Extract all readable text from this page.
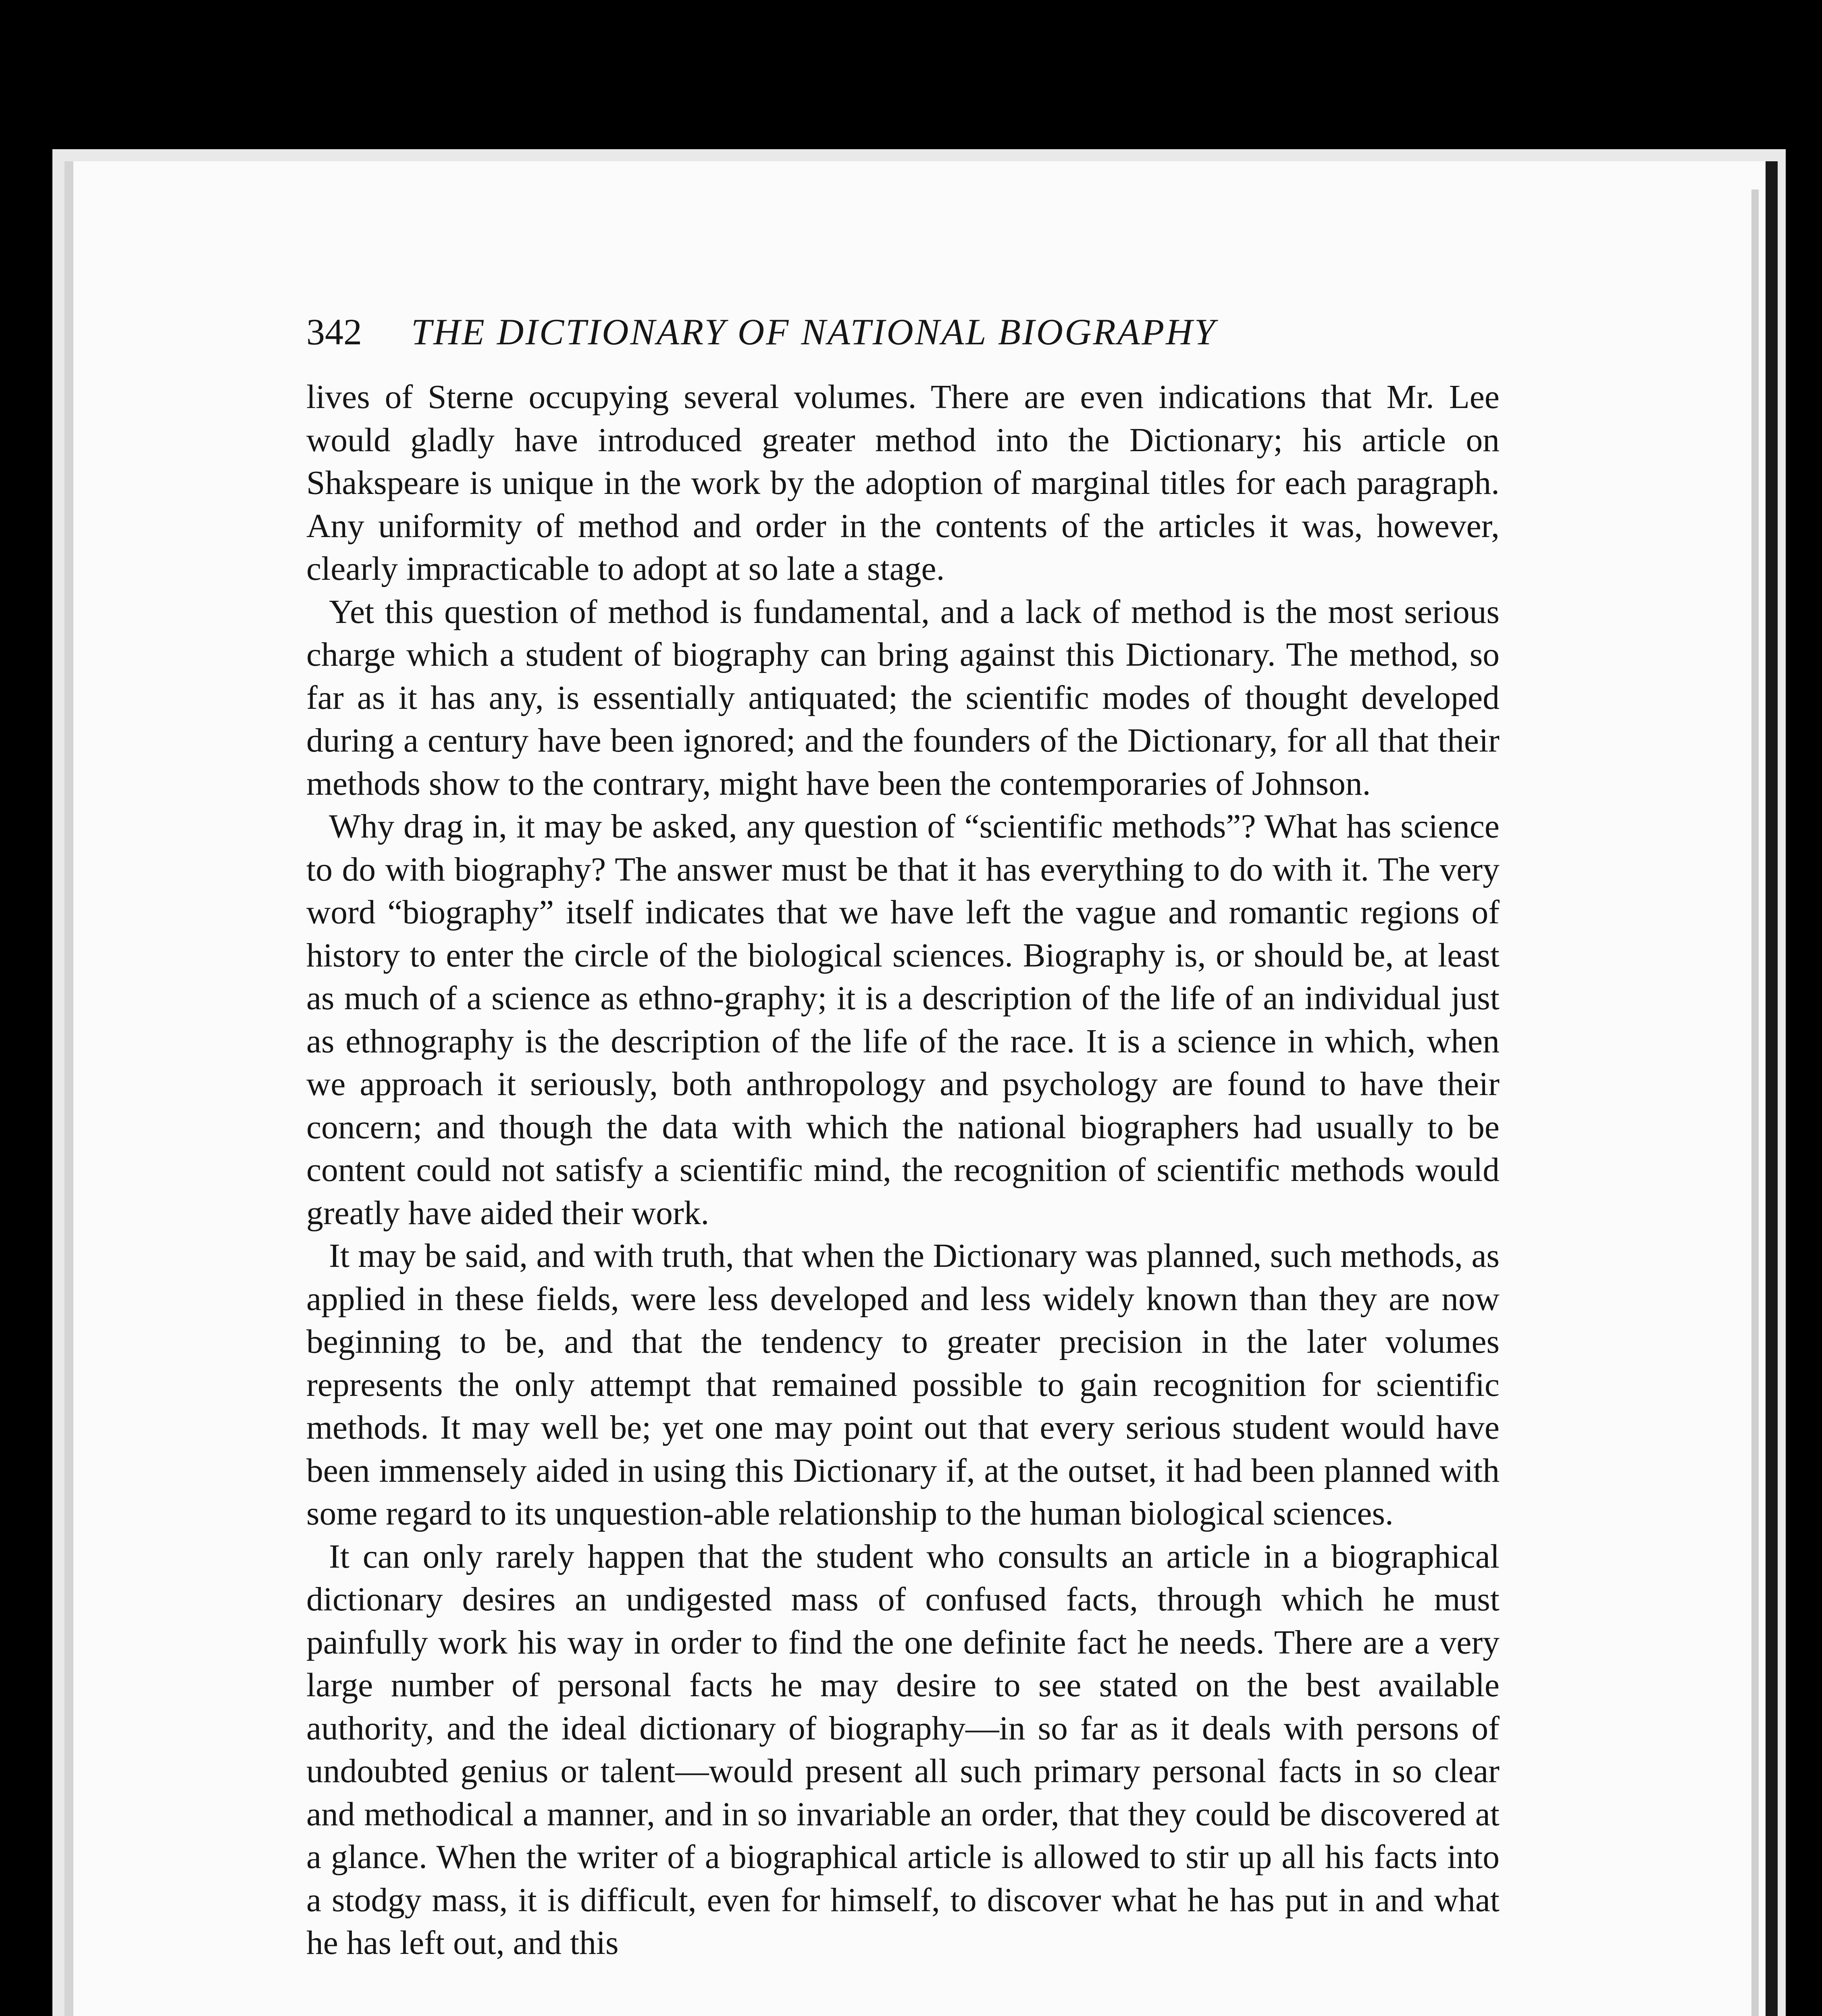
342 THE DICTIONARY OF NATIONAL BIOGRAPHY

lives of Sterne occupying several volumes. There are even indications that Mr. Lee would gladly have introduced greater method into the Dictionary; his article on Shakspeare is unique in the work by the adoption of marginal titles for each paragraph. Any uniformity of method and order in the contents of the articles it was, however, clearly impracticable to adopt at so late a stage.

Yet this question of method is fundamental, and a lack of method is the most serious charge which a student of biography can bring against this Dictionary. The method, so far as it has any, is essentially antiquated; the scientific modes of thought developed during a century have been ignored; and the founders of the Dictionary, for all that their methods show to the contrary, might have been the contemporaries of Johnson.

Why drag in, it may be asked, any question of “scientific methods”? What has science to do with biography? The answer must be that it has everything to do with it. The very word “biography” itself indicates that we have left the vague and romantic regions of history to enter the circle of the biological sciences. Biography is, or should be, at least as much of a science as ethno-graphy; it is a description of the life of an individual just as ethnography is the description of the life of the race. It is a science in which, when we approach it seriously, both anthropology and psychology are found to have their concern; and though the data with which the national biographers had usually to be content could not satisfy a scientific mind, the recognition of scientific methods would greatly have aided their work.

It may be said, and with truth, that when the Dictionary was planned, such methods, as applied in these fields, were less developed and less widely known than they are now beginning to be, and that the tendency to greater precision in the later volumes represents the only attempt that remained possible to gain recognition for scientific methods. It may well be; yet one may point out that every serious student would have been immensely aided in using this Dictionary if, at the outset, it had been planned with some regard to its unquestion-able relationship to the human biological sciences.

It can only rarely happen that the student who consults an article in a biographical dictionary desires an undigested mass of confused facts, through which he must painfully work his way in order to find the one definite fact he needs. There are a very large number of personal facts he may desire to see stated on the best available authority, and the ideal dictionary of biography—in so far as it deals with persons of undoubted genius or talent—would present all such primary personal facts in so clear and methodical a manner, and in so invariable an order, that they could be discovered at a glance. When the writer of a biographical article is allowed to stir up all his facts into a stodgy mass, it is difficult, even for himself, to discover what he has put in and what he has left out, and this
